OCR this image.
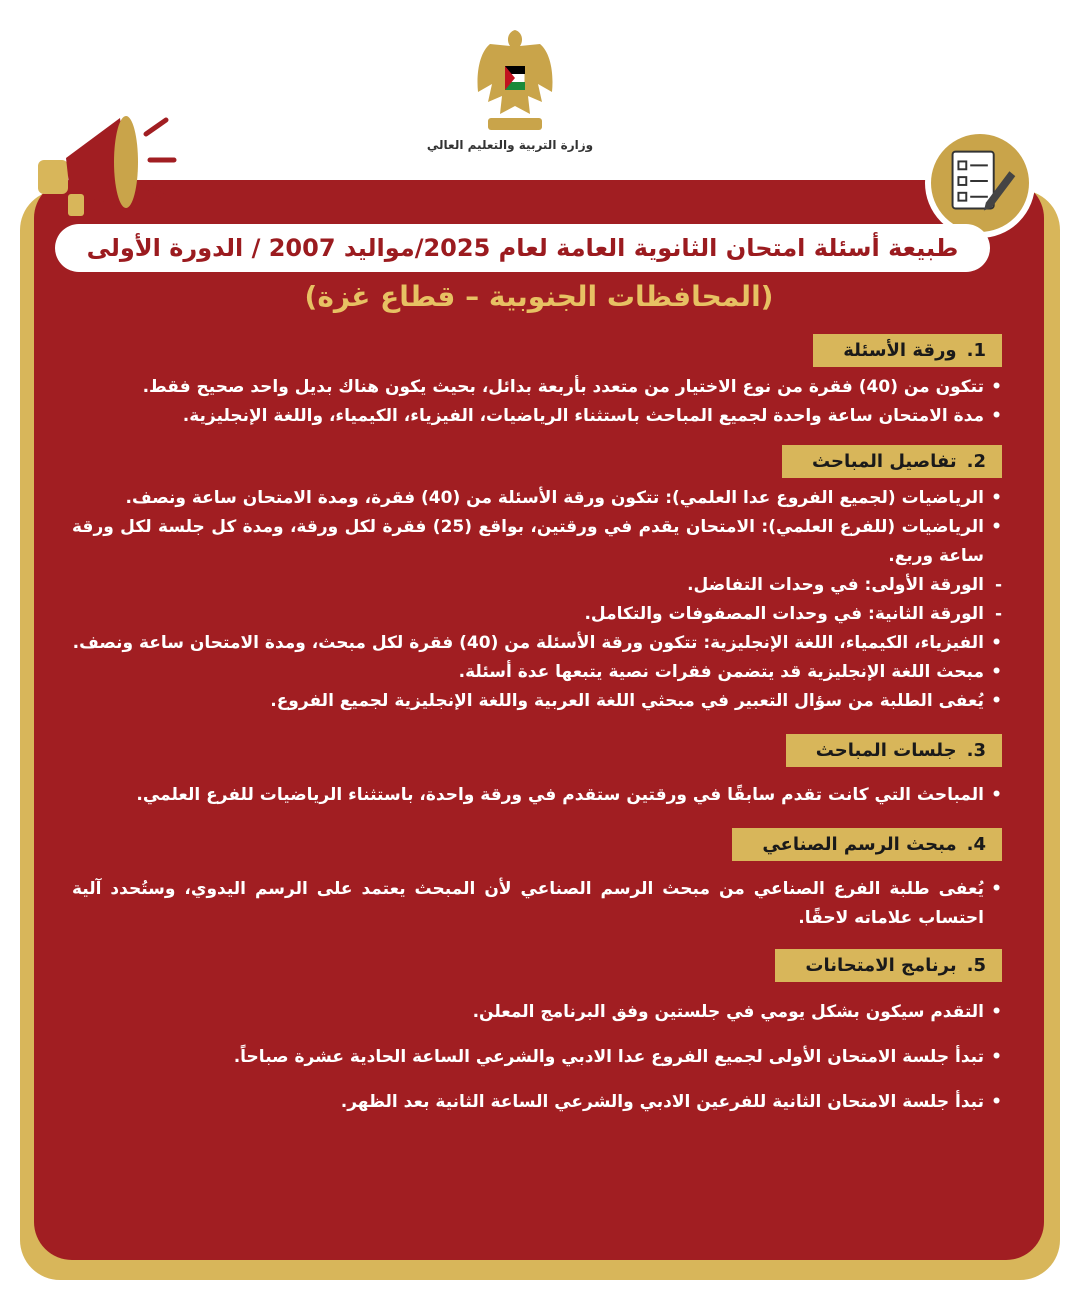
وزارة التربية والتعليم العالي
طبيعة أسئلة امتحان الثانوية العامة لعام 2025/مواليد 2007 / الدورة الأولى
(المحافظات الجنوبية – قطاع غزة)
1.ورقة الأسئلة
•
تتكون من (40) فقرة من نوع الاختيار من متعدد بأربعة بدائل، بحيث يكون هناك بديل واحد صحيح فقط.
•
مدة الامتحان ساعة واحدة لجميع المباحث باستثناء الرياضيات، الفيزياء، الكيمياء، واللغة الإنجليزية.
2.تفاصيل المباحث
•
الرياضيات (لجميع الفروع عدا العلمي): تتكون ورقة الأسئلة من (40) فقرة، ومدة الامتحان ساعة ونصف.
•
الرياضيات (للفرع العلمي): الامتحان يقدم في ورقتين، بواقع (25) فقرة لكل ورقة، ومدة كل جلسة لكل ورقة ساعة وربع.
-
الورقة الأولى: في وحدات التفاضل.
-
الورقة الثانية: في وحدات المصفوفات والتكامل.
•
الفيزياء، الكيمياء، اللغة الإنجليزية: تتكون ورقة الأسئلة من (40) فقرة لكل مبحث، ومدة الامتحان ساعة ونصف.
•
مبحث اللغة الإنجليزية قد يتضمن فقرات نصية يتبعها عدة أسئلة.
•
يُعفى الطلبة من سؤال التعبير في مبحثي اللغة العربية واللغة الإنجليزية لجميع الفروع.
3.جلسات المباحث
•
المباحث التي كانت تقدم سابقًا في ورقتين ستقدم في ورقة واحدة، باستثناء الرياضيات للفرع العلمي.
4.مبحث الرسم الصناعي
•
يُعفى طلبة الفرع الصناعي من مبحث الرسم الصناعي لأن المبحث يعتمد على الرسم اليدوي، وستُحدد آلية احتساب علاماته لاحقًا.
5.برنامج الامتحانات
•
التقدم سيكون بشكل يومي في جلستين وفق البرنامج المعلن.
•
تبدأ جلسة الامتحان الأولى لجميع الفروع عدا الادبي والشرعي الساعة الحادية عشرة صباحاً.
•
تبدأ جلسة الامتحان الثانية للفرعين الادبي والشرعي الساعة الثانية بعد الظهر.
